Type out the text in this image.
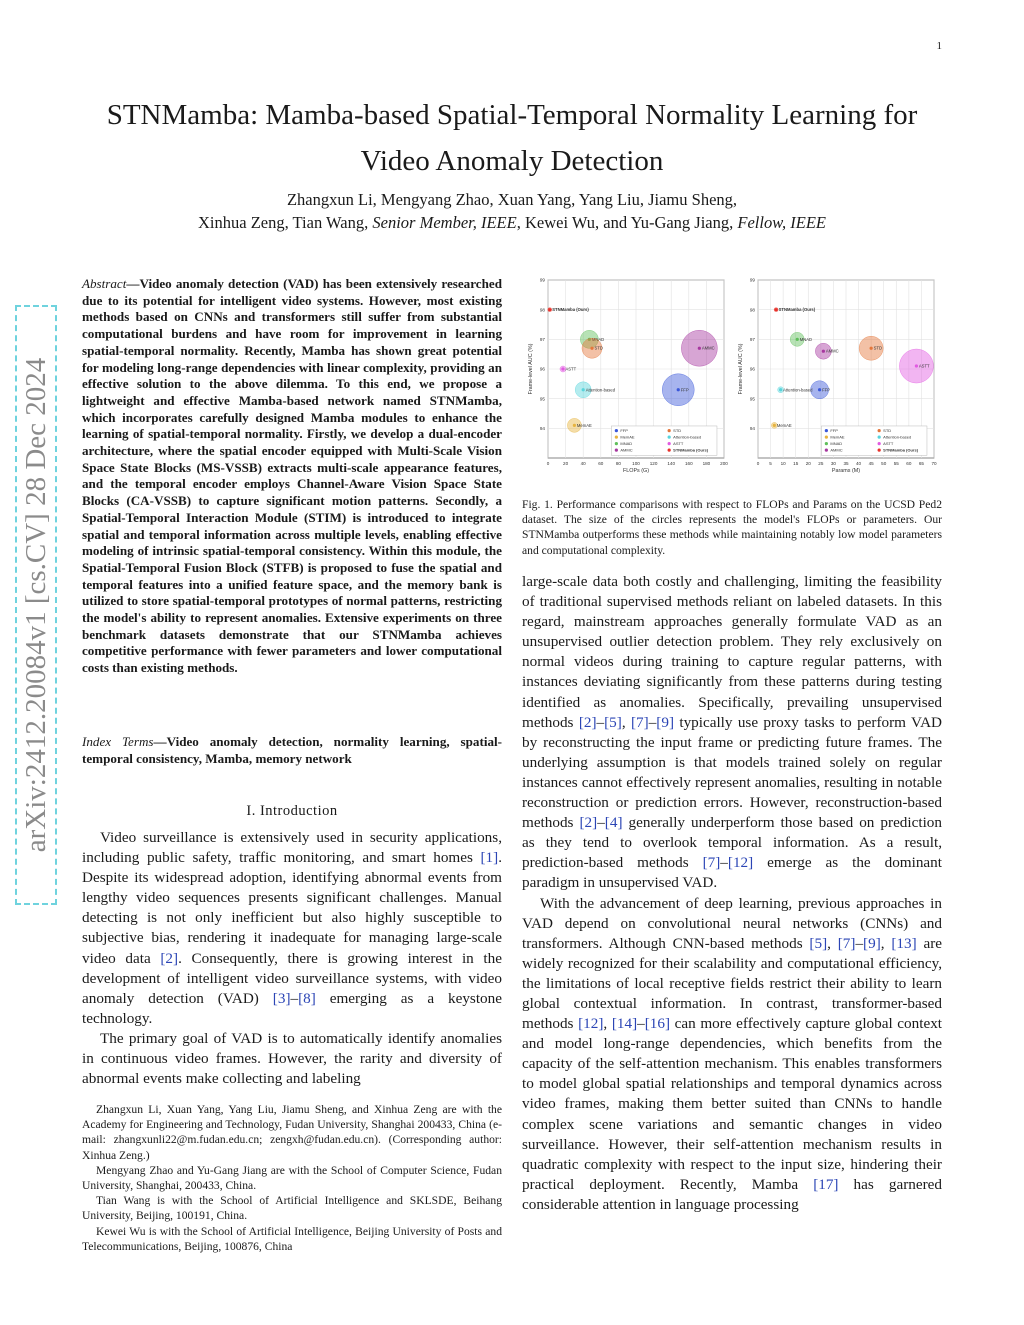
1
STNMamba: Mamba-based Spatial-Temporal Normality Learning for
Video Anomaly Detection
Zhangxun Li, Mengyang Zhao, Xuan Yang, Yang Liu, Jiamu Sheng,
Xinhua Zeng, Tian Wang, Senior Member, IEEE, Kewei Wu, and Yu-Gang Jiang, Fellow, IEEE
arXiv:2412.20084v1 [cs.CV] 28 Dec 2024
Abstract—Video anomaly detection (VAD) has been extensively researched due to its potential for intelligent video systems. However, most existing methods based on CNNs and transformers still suffer from substantial computational burdens and have room for improvement in learning spatial-temporal normality. Recently, Mamba has shown great potential for modeling long-range dependencies with linear complexity, providing an effective solution to the above dilemma. To this end, we propose a lightweight and effective Mamba-based network named STNMamba, which incorporates carefully designed Mamba modules to enhance the learning of spatial-temporal normality. Firstly, we develop a dual-encoder architecture, where the spatial encoder equipped with Multi-Scale Vision Space State Blocks (MS-VSSB) extracts multi-scale appearance features, and the temporal encoder employs Channel-Aware Vision Space State Blocks (CA-VSSB) to capture significant motion patterns. Secondly, a Spatial-Temporal Interaction Module (STIM) is introduced to integrate spatial and temporal information across multiple levels, enabling effective modeling of intrinsic spatial-temporal consistency. Within this module, the Spatial-Temporal Fusion Block (STFB) is proposed to fuse the spatial and temporal features into a unified feature space, and the memory bank is utilized to store spatial-temporal prototypes of normal patterns, restricting the model's ability to represent anomalies. Extensive experiments on three benchmark datasets demonstrate that our STNMamba achieves competitive performance with fewer parameters and lower computational costs than existing methods.
Index Terms—Video anomaly detection, normality learning, spatial-temporal consistency, Mamba, memory network
I. Introduction

Video surveillance is extensively used in security applications, including public safety, traffic monitoring, and smart homes [1]. Despite its widespread adoption, identifying abnormal events from lengthy video sequences presents significant challenges. Manual detecting is not only inefficient but also highly susceptible to subjective bias, rendering it inadequate for managing large-scale video data [2]. Consequently, there is growing interest in the development of intelligent video surveillance systems, with video anomaly detection (VAD) [3]–[8] emerging as a keystone technology.

The primary goal of VAD is to automatically identify anomalies in continuous video frames. However, the rarity and diversity of abnormal events make collecting and labeling

Zhangxun Li, Xuan Yang, Yang Liu, Jiamu Sheng, and Xinhua Zeng are with the Academy for Engineering and Technology, Fudan University, Shanghai 200433, China (e-mail: zhangxunli22@m.fudan.edu.cn; zengxh@fudan.edu.cn). (Corresponding author: Xinhua Zeng.)

Mengyang Zhao and Yu-Gang Jiang are with the School of Computer Science, Fudan University, Shanghai, 200433, China.

Tian Wang is with the School of Artificial Intelligence and SKLSDE, Beihang University, Beijing, 100191, China.

Kewei Wu is with the School of Artificial Intelligence, Beijing University of Posts and Telecommunications, Beijing, 100876, China

0	20	40	60	80 100 120 140 160 180 200
99
98
97
96
95
94
FLOPs (G)
Frame-level AUC (%)
STNMamba (Ours)
MNAD
STD
ASTT
AMMC
FFP
Attention-based
MemAE
FFP
MemAE
MNAD
AMMC
STD
Attention-based
ASTT
STNMamba (Ours)
0 5 10 15 20 25 30 35 40 45 50 55 60 65 70
99
98
97
96
95
94
Params (M)
Frame-level AUC (%)
STNMamba (Ours)
MNAD
AMMC
STD
ASTT
FFP
Attention-based
MemAE
FFP
MemAE
MNAD
AMMC
STD
Attention-based
ASTT
STNMamba (Ours)
Fig. 1. Performance comparisons with respect to FLOPs and Params on the UCSD Ped2 dataset. The size of the circles represents the model's FLOPs or parameters. Our STNMamba outperforms these methods while maintaining notably low model parameters and computational complexity.

large-scale data both costly and challenging, limiting the feasibility of traditional supervised methods reliant on labeled datasets. In this regard, mainstream approaches generally formulate VAD as an unsupervised outlier detection problem. They rely exclusively on normal videos during training to capture regular patterns, with instances deviating significantly from these patterns during testing identified as anomalies. Specifically, prevailing unsupervised methods [2]–[5], [7]–[9] typically use proxy tasks to perform VAD by reconstructing the input frame or predicting future frames. The underlying assumption is that models trained solely on regular instances cannot effectively represent anomalies, resulting in notable reconstruction or prediction errors. However, reconstruction-based methods [2]–[4] generally underperform those based on prediction as they tend to overlook temporal information. As a result, prediction-based methods [7]–[12] emerge as the dominant paradigm in unsupervised VAD.

With the advancement of deep learning, previous approaches in VAD depend on convolutional neural networks (CNNs) and transformers. Although CNN-based methods [5], [7]–[9], [13] are widely recognized for their scalability and computational efficiency, the limitations of local receptive fields restrict their ability to learn global contextual information. In contrast, transformer-based methods [12], [14]–[16] can more effectively capture global context and model long-range dependencies, which benefits from the capacity of the self-attention mechanism. This enables transformers to model global spatial relationships and temporal dynamics across video frames, making them better suited than CNNs to handle complex scene variations and semantic changes in video surveillance. However, their self-attention mechanism results in quadratic complexity with respect to the input size, hindering their practical deployment. Recently, Mamba [17] has garnered considerable attention in language processing
